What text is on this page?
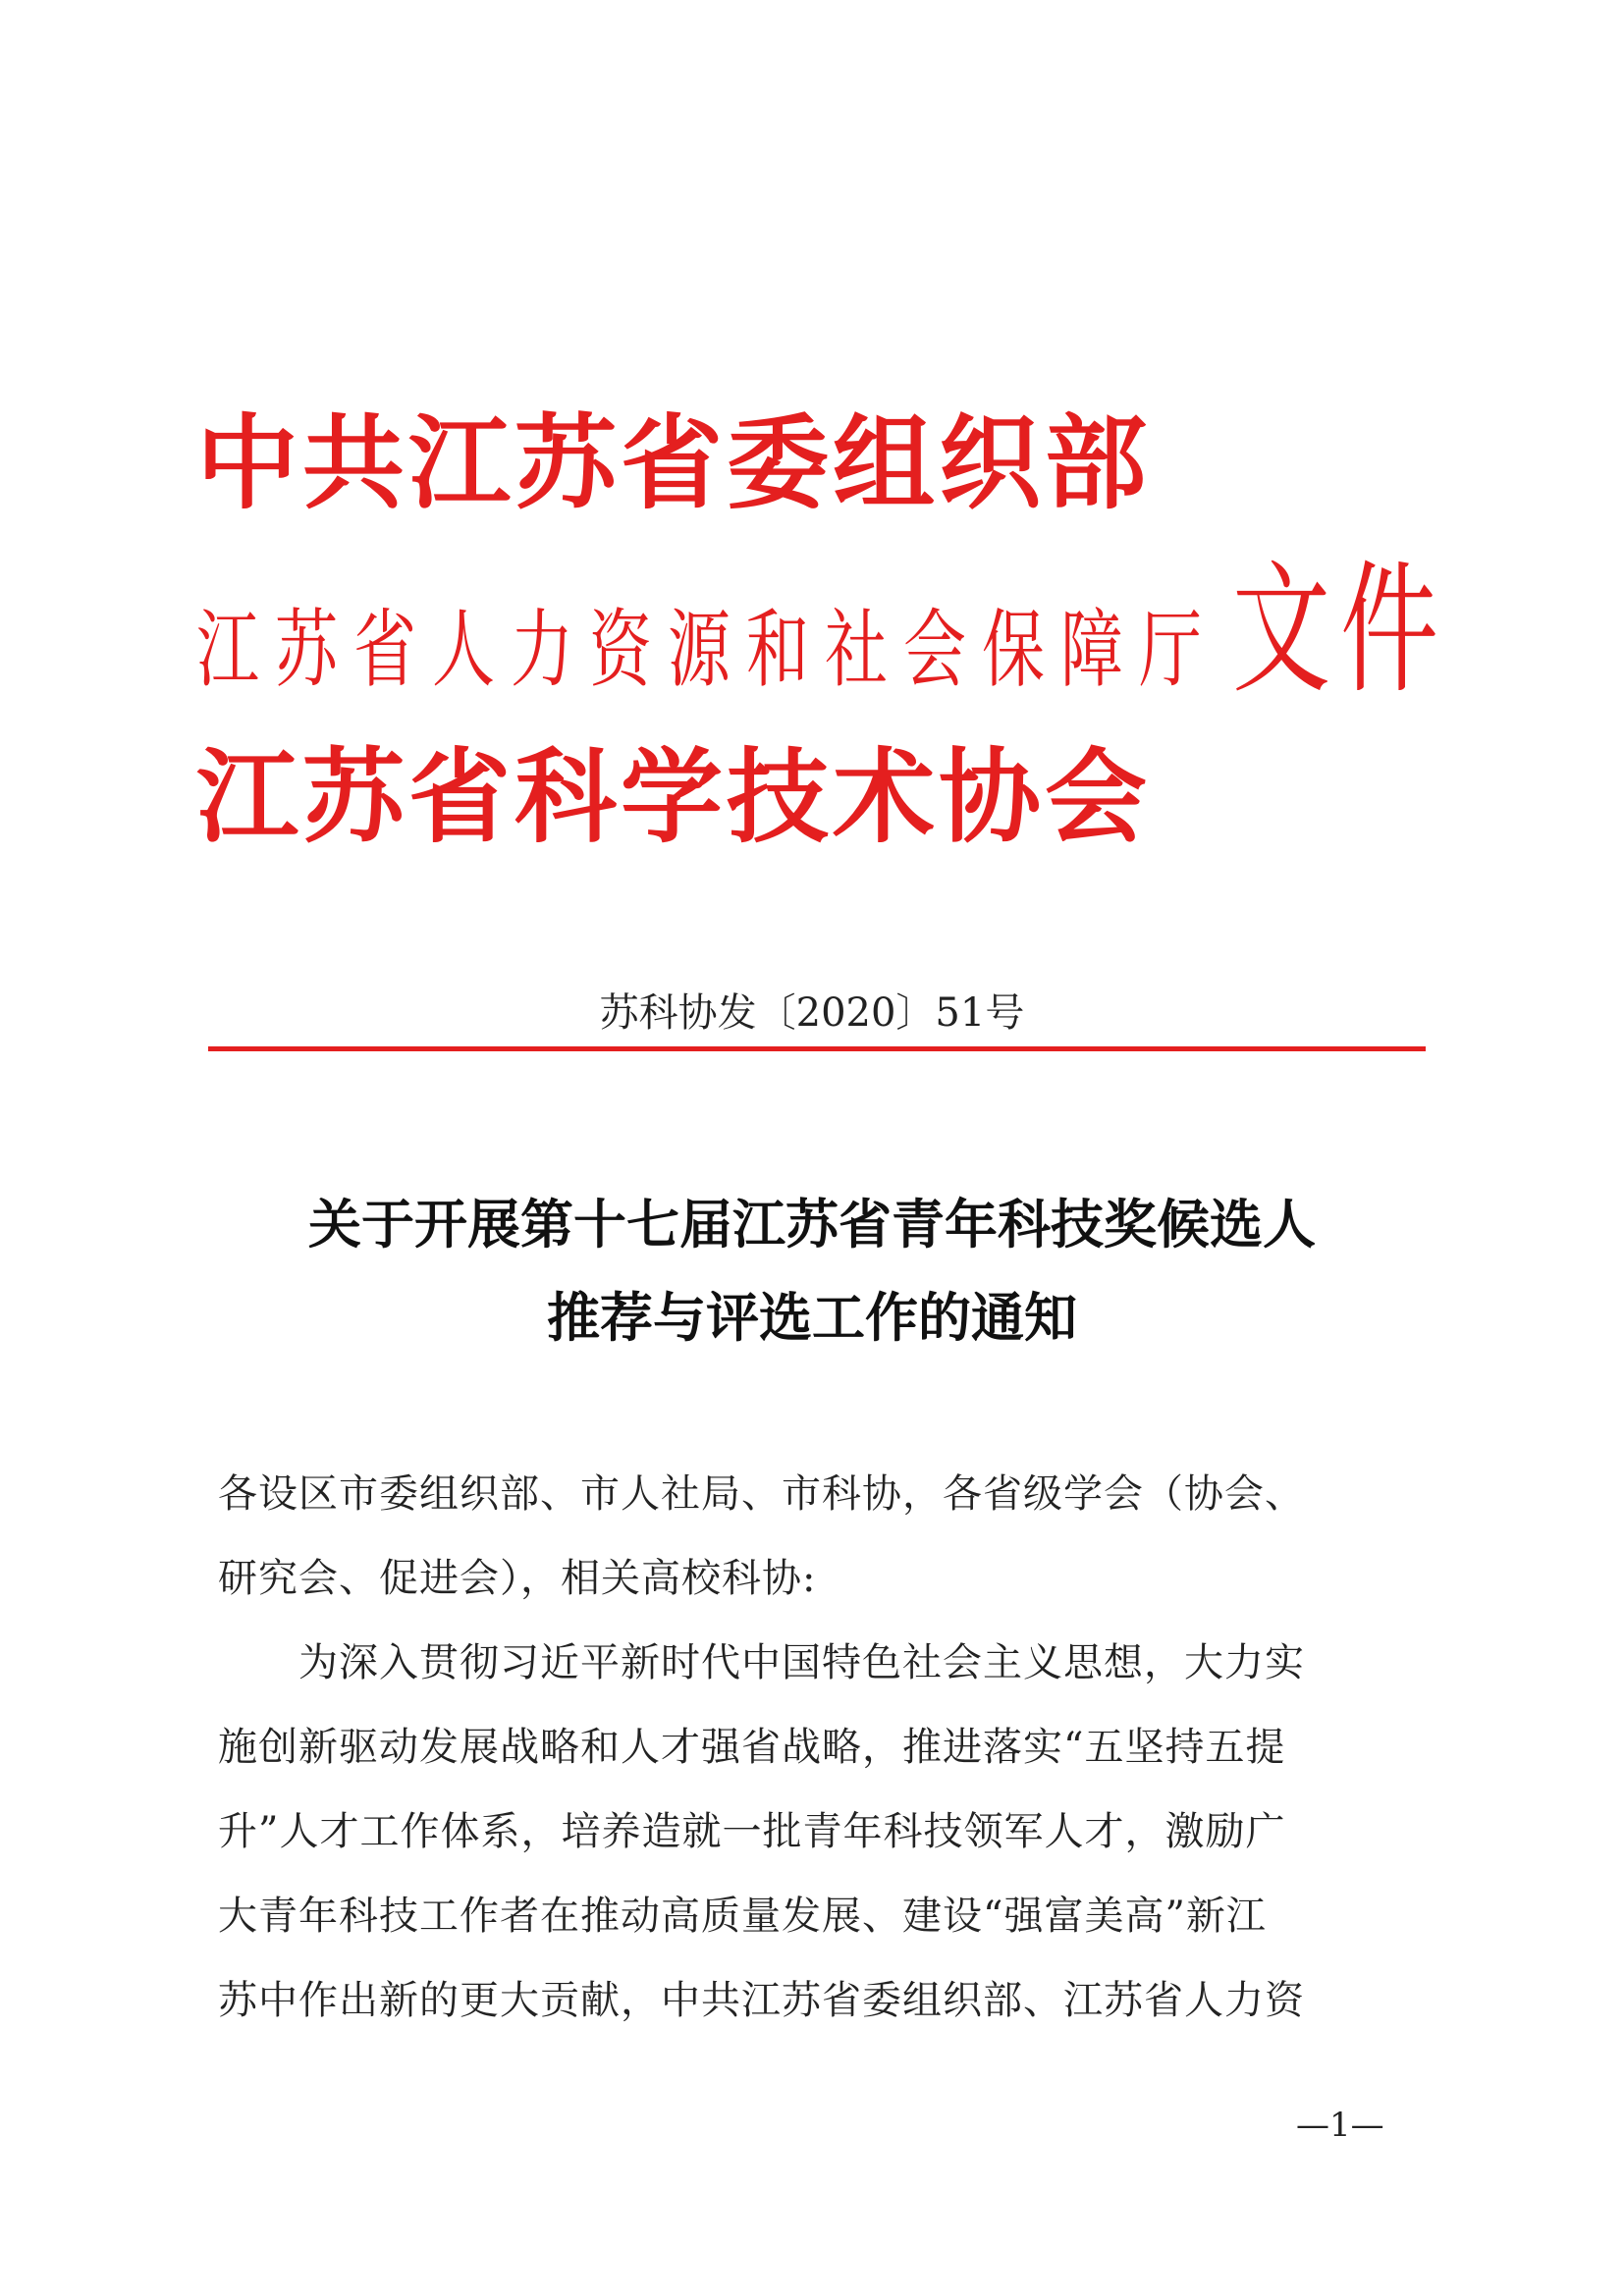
中共江苏省委组织部
江苏省人力资源和社会保障厅
江苏省科学技术协会
文件
苏科协发〔2020〕51号
关于开展第十七届江苏省青年科技奖候选人
推荐与评选工作的通知
各设区市委组织部、市人社局、市科协，各省级学会（协会、
研究会、促进会），相关高校科协:
　　为深入贯彻习近平新时代中国特色社会主义思想，大力实
施创新驱动发展战略和人才强省战略，推进落实“五坚持五提
升”人才工作体系，培养造就一批青年科技领军人才，激励广
大青年科技工作者在推动高质量发展、建设“强富美高”新江
苏中作出新的更大贡献，中共江苏省委组织部、江苏省人力资
—1—
